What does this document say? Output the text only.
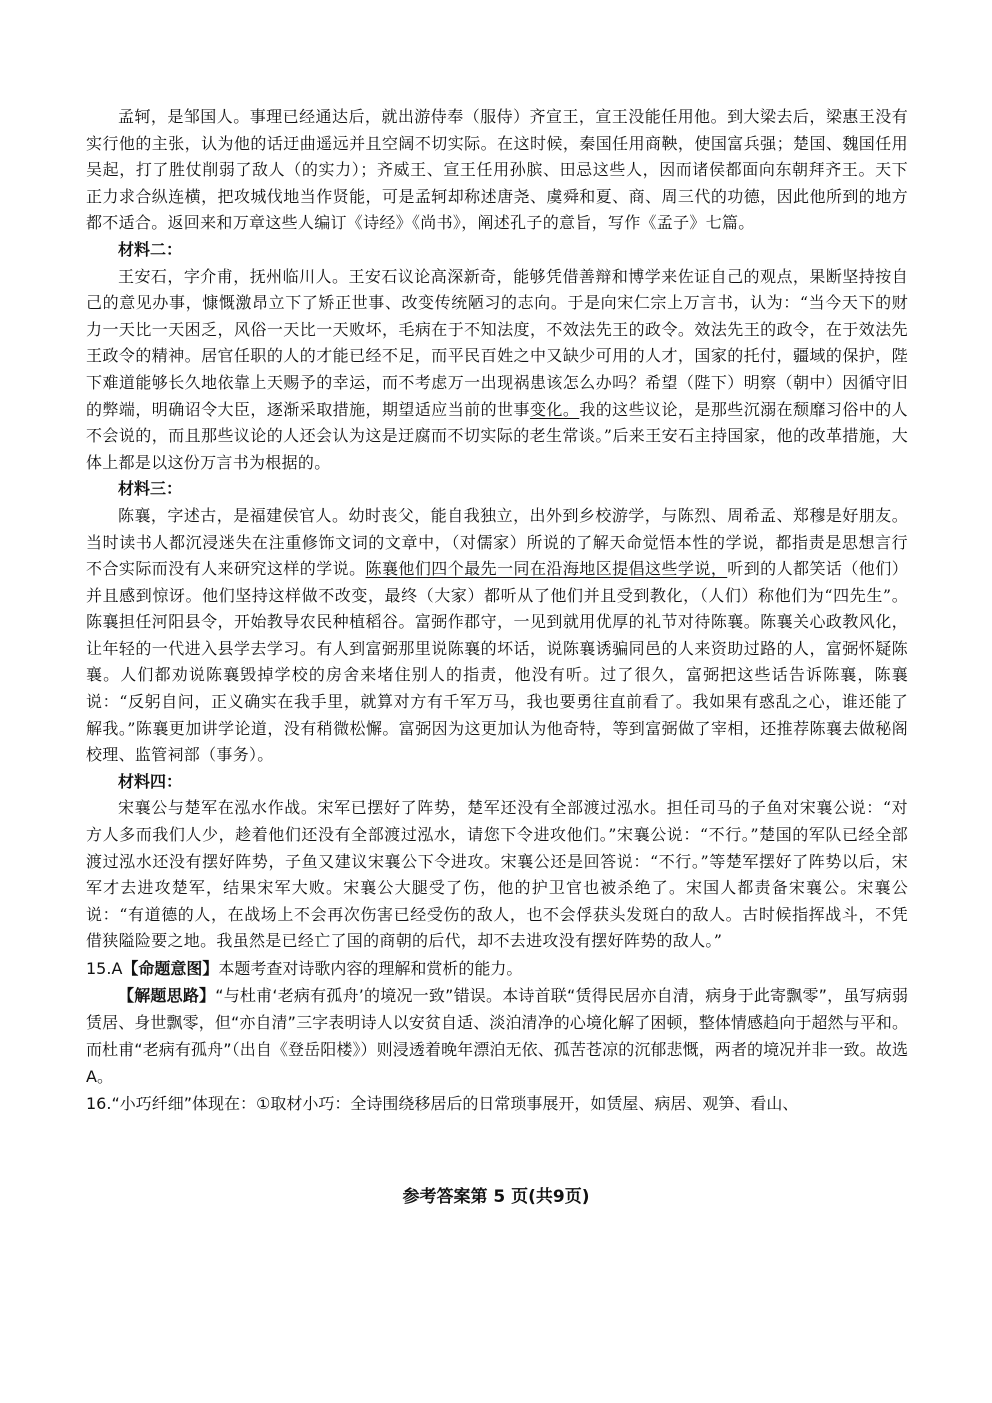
孟轲，是邹国人。事理已经通达后，就出游侍奉（服侍）齐宣王，宣王没能任用他。到大梁去后，梁惠王没有实行他的主张，认为他的话迂曲遥远并且空阔不切实际。在这时候，秦国任用商鞅，使国富兵强；楚国、魏国任用吴起，打了胜仗削弱了敌人（的实力）；齐威王、宣王任用孙膑、田忌这些人，因而诸侯都面向东朝拜齐王。天下正力求合纵连横，把攻城伐地当作贤能，可是孟轲却称述唐尧、虞舜和夏、商、周三代的功德，因此他所到的地方都不适合。返回来和万章这些人编订《诗经》《尚书》，阐述孔子的意旨，写作《孟子》七篇。

材料二：

王安石，字介甫，抚州临川人。王安石议论高深新奇，能够凭借善辩和博学来佐证自己的观点，果断坚持按自己的意见办事，慷慨激昂立下了矫正世事、改变传统陋习的志向。于是向宋仁宗上万言书，认为：“当今天下的财力一天比一天困乏，风俗一天比一天败坏，毛病在于不知法度，不效法先王的政令。效法先王的政令，在于效法先王政令的精神。居官任职的人的才能已经不足，而平民百姓之中又缺少可用的人才，国家的托付，疆域的保护，陛下难道能够长久地依靠上天赐予的幸运，而不考虑万一出现祸患该怎么办吗？希望（陛下）明察（朝中）因循守旧的弊端，明确诏令大臣，逐渐采取措施，期望适应当前的世事变化。我的这些议论，是那些沉溺在颓靡习俗中的人不会说的，而且那些议论的人还会认为这是迂腐而不切实际的老生常谈。”后来王安石主持国家，他的改革措施，大体上都是以这份万言书为根据的。

材料三：

陈襄，字述古，是福建侯官人。幼时丧父，能自我独立，出外到乡校游学，与陈烈、周希孟、郑穆是好朋友。当时读书人都沉浸迷失在注重修饰文词的文章中，（对儒家）所说的了解天命觉悟本性的学说，都指责是思想言行不合实际而没有人来研究这样的学说。陈襄他们四个最先一同在沿海地区提倡这些学说，听到的人都笑话（他们）并且感到惊讶。他们坚持这样做不改变，最终（大家）都听从了他们并且受到教化，（人们）称他们为“四先生”。陈襄担任河阳县令，开始教导农民种植稻谷。富弼作郡守，一见到就用优厚的礼节对待陈襄。陈襄关心政教风化，让年轻的一代进入县学去学习。有人到富弼那里说陈襄的坏话，说陈襄诱骗同邑的人来资助过路的人，富弼怀疑陈襄。人们都劝说陈襄毁掉学校的房舍来堵住别人的指责，他没有听。过了很久，富弼把这些话告诉陈襄，陈襄说：“反躬自问，正义确实在我手里，就算对方有千军万马，我也要勇往直前看了。我如果有惑乱之心，谁还能了解我。”陈襄更加讲学论道，没有稍微松懈。富弼因为这更加认为他奇特，等到富弼做了宰相，还推荐陈襄去做秘阁校理、监管祠部（事务）。

材料四：

宋襄公与楚军在泓水作战。宋军已摆好了阵势，楚军还没有全部渡过泓水。担任司马的子鱼对宋襄公说：“对方人多而我们人少，趁着他们还没有全部渡过泓水，请您下令进攻他们。”宋襄公说：“不行。”楚国的军队已经全部渡过泓水还没有摆好阵势，子鱼又建议宋襄公下令进攻。宋襄公还是回答说：“不行。”等楚军摆好了阵势以后，宋军才去进攻楚军，结果宋军大败。宋襄公大腿受了伤，他的护卫官也被杀绝了。宋国人都责备宋襄公。宋襄公说：“有道德的人，在战场上不会再次伤害已经受伤的敌人，也不会俘获头发斑白的敌人。古时候指挥战斗，不凭借狭隘险要之地。我虽然是已经亡了国的商朝的后代，却不去进攻没有摆好阵势的敌人。”

15.A【命题意图】本题考查对诗歌内容的理解和赏析的能力。

【解题思路】“与杜甫‘老病有孤舟’的境况一致”错误。本诗首联“赁得民居亦自清，病身于此寄飘零”，虽写病弱赁居、身世飘零，但“亦自清”三字表明诗人以安贫自适、淡泊清净的心境化解了困顿，整体情感趋向于超然与平和。而杜甫“老病有孤舟”（出自《登岳阳楼》）则浸透着晚年漂泊无依、孤苦苍凉的沉郁悲慨，两者的境况并非一致。故选A。

16.“小巧纤细”体现在：①取材小巧：全诗围绕移居后的日常琐事展开，如赁屋、病居、观笋、看山、

参考答案第 5 页(共9页)
